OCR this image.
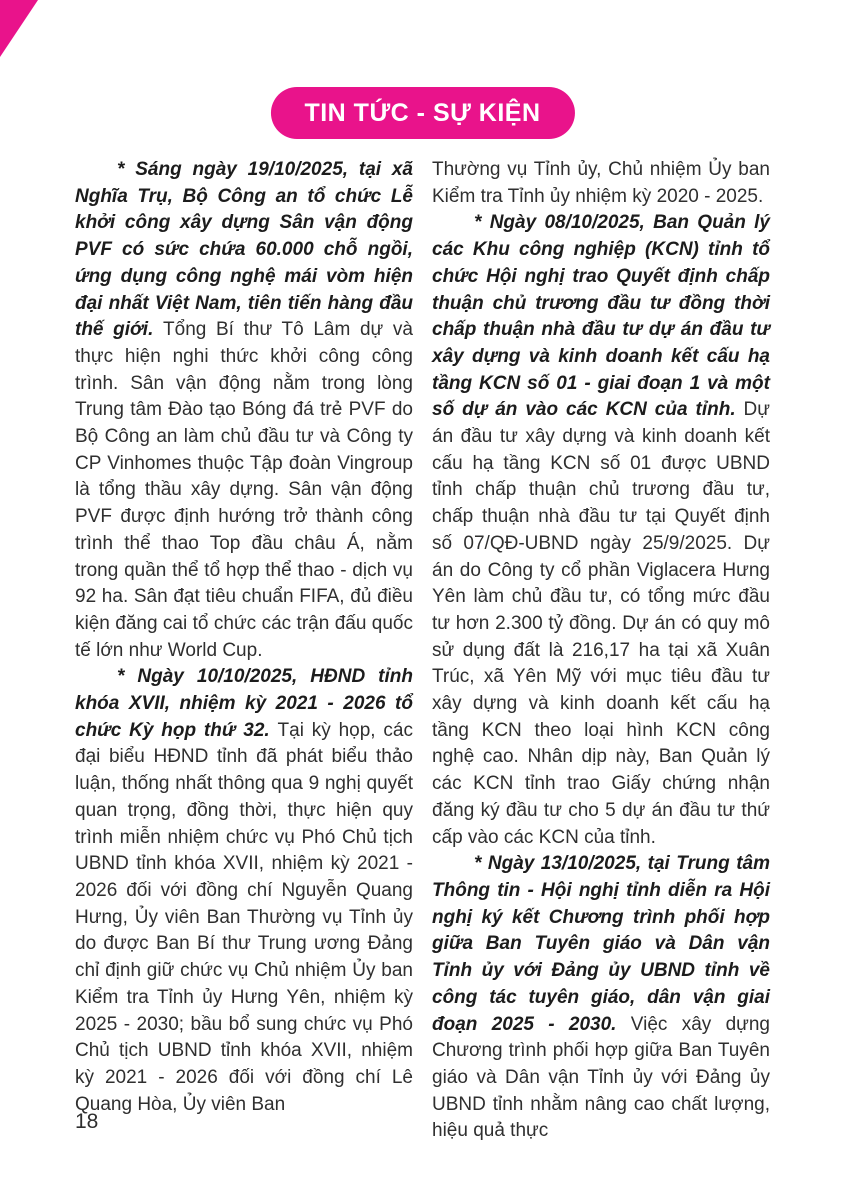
TIN TỨC - SỰ KIỆN

* Sáng ngày 19/10/2025, tại xã Nghĩa Trụ, Bộ Công an tổ chức Lễ khởi công xây dựng Sân vận động PVF có sức chứa 60.000 chỗ ngồi, ứng dụng công nghệ mái vòm hiện đại nhất Việt Nam, tiên tiến hàng đầu thế giới. Tổng Bí thư Tô Lâm dự và thực hiện nghi thức khởi công công trình. Sân vận động nằm trong lòng Trung tâm Đào tạo Bóng đá trẻ PVF do Bộ Công an làm chủ đầu tư và Công ty CP Vinhomes thuộc Tập đoàn Vingroup là tổng thầu xây dựng. Sân vận động PVF được định hướng trở thành công trình thể thao Top đầu châu Á, nằm trong quần thể tổ hợp thể thao - dịch vụ 92 ha. Sân đạt tiêu chuẩn FIFA, đủ điều kiện đăng cai tổ chức các trận đấu quốc tế lớn như World Cup.

* Ngày 10/10/2025, HĐND tỉnh khóa XVII, nhiệm kỳ 2021 - 2026 tổ chức Kỳ họp thứ 32. Tại kỳ họp, các đại biểu HĐND tỉnh đã phát biểu thảo luận, thống nhất thông qua 9 nghị quyết quan trọng, đồng thời, thực hiện quy trình miễn nhiệm chức vụ Phó Chủ tịch UBND tỉnh khóa XVII, nhiệm kỳ 2021 - 2026 đối với đồng chí Nguyễn Quang Hưng, Ủy viên Ban Thường vụ Tỉnh ủy do được Ban Bí thư Trung ương Đảng chỉ định giữ chức vụ Chủ nhiệm Ủy ban Kiểm tra Tỉnh ủy Hưng Yên, nhiệm kỳ 2025 - 2030; bầu bổ sung chức vụ Phó Chủ tịch UBND tỉnh khóa XVII, nhiệm kỳ 2021 - 2026 đối với đồng chí Lê Quang Hòa, Ủy viên Ban

Thường vụ Tỉnh ủy, Chủ nhiệm Ủy ban Kiểm tra Tỉnh ủy nhiệm kỳ 2020 - 2025.

* Ngày 08/10/2025, Ban Quản lý các Khu công nghiệp (KCN) tỉnh tổ chức Hội nghị trao Quyết định chấp thuận chủ trương đầu tư đồng thời chấp thuận nhà đầu tư dự án đầu tư xây dựng và kinh doanh kết cấu hạ tầng KCN số 01 - giai đoạn 1 và một số dự án vào các KCN của tỉnh. Dự án đầu tư xây dựng và kinh doanh kết cấu hạ tầng KCN số 01 được UBND tỉnh chấp thuận chủ trương đầu tư, chấp thuận nhà đầu tư tại Quyết định số 07/QĐ-UBND ngày 25/9/2025. Dự án do Công ty cổ phần Viglacera Hưng Yên làm chủ đầu tư, có tổng mức đầu tư hơn 2.300 tỷ đồng. Dự án có quy mô sử dụng đất là 216,17 ha tại xã Xuân Trúc, xã Yên Mỹ với mục tiêu đầu tư xây dựng và kinh doanh kết cấu hạ tầng KCN theo loại hình KCN công nghệ cao. Nhân dịp này, Ban Quản lý các KCN tỉnh trao Giấy chứng nhận đăng ký đầu tư cho 5 dự án đầu tư thứ cấp vào các KCN của tỉnh.

* Ngày 13/10/2025, tại Trung tâm Thông tin - Hội nghị tỉnh diễn ra Hội nghị ký kết Chương trình phối hợp giữa Ban Tuyên giáo và Dân vận Tỉnh ủy với Đảng ủy UBND tỉnh về công tác tuyên giáo, dân vận giai đoạn 2025 - 2030. Việc xây dựng Chương trình phối hợp giữa Ban Tuyên giáo và Dân vận Tỉnh ủy với Đảng ủy UBND tỉnh nhằm nâng cao chất lượng, hiệu quả thực

18
